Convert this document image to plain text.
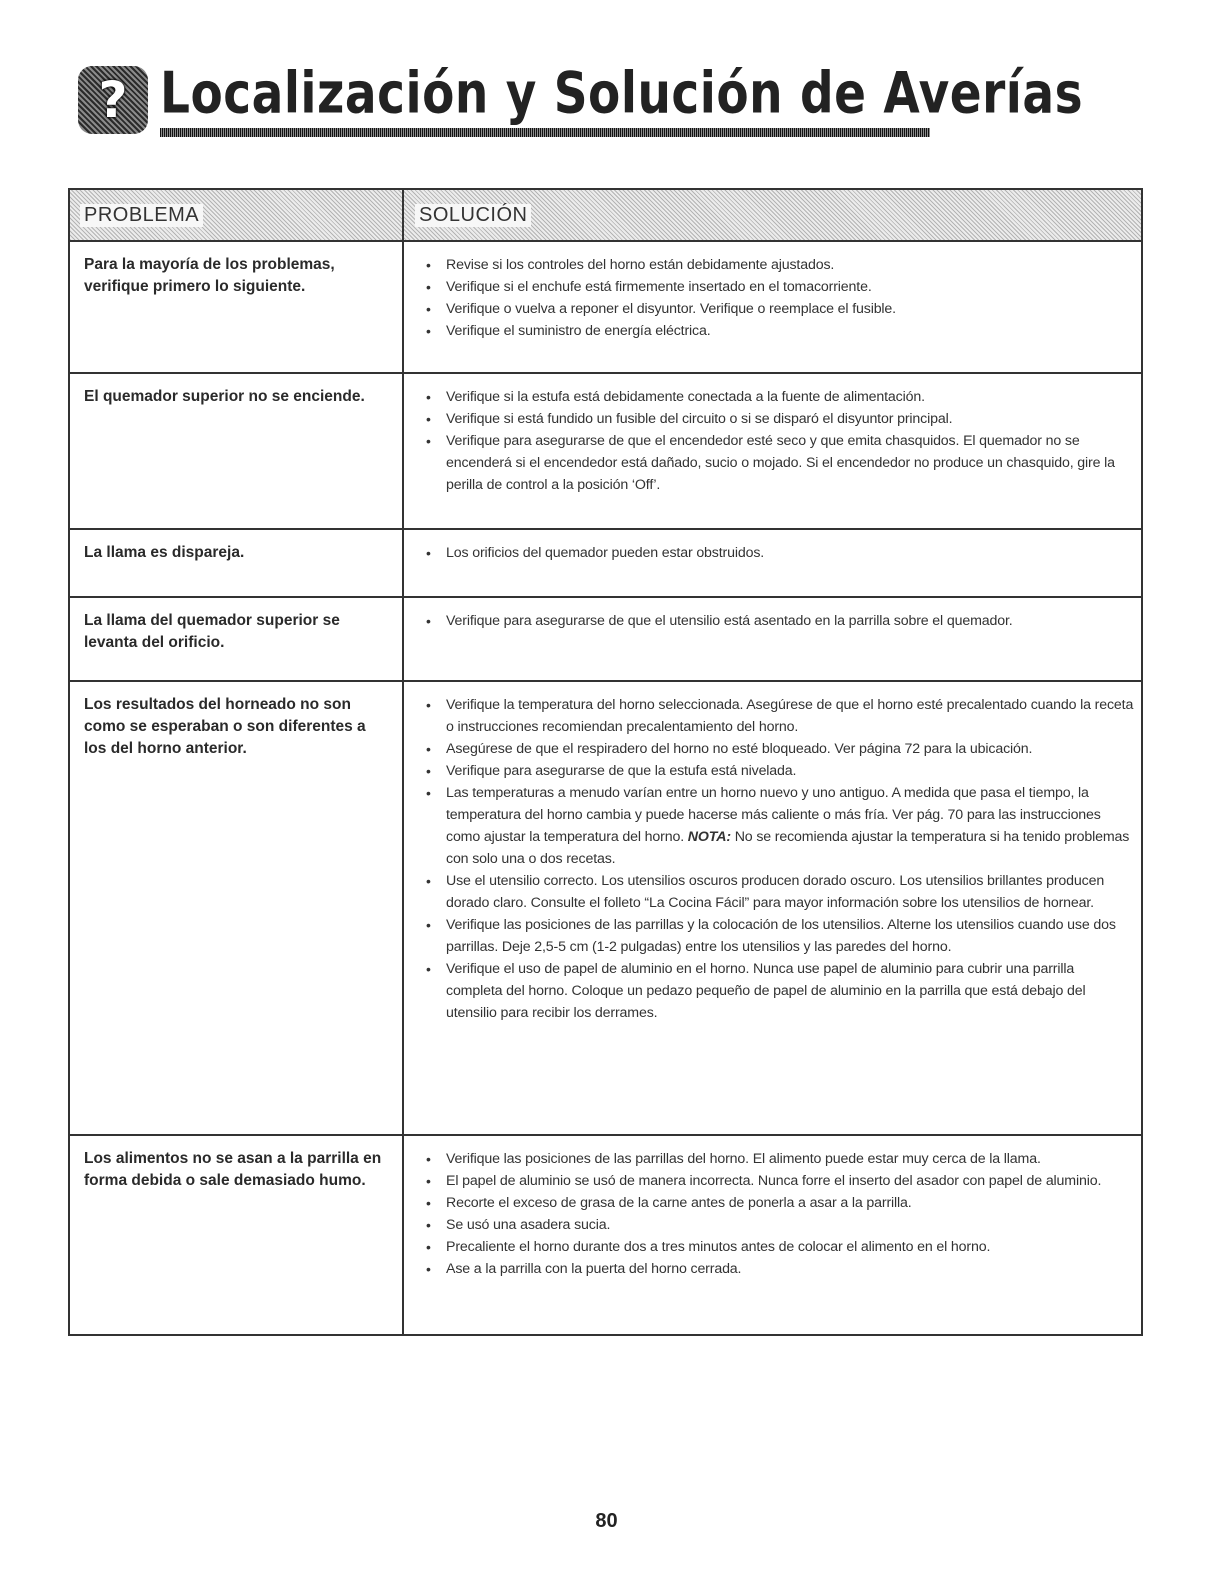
? Localización y Solución de Averías
PROBLEMA	SOLUCIÓN
Para la mayoría de los problemas, verifique primero lo siguiente.
• Revise si los controles del horno están debidamente ajustados.
• Verifique si el enchufe está firmemente insertado en el tomacorriente.
• Verifique o vuelva a reponer el disyuntor. Verifique o reemplace el fusible.
• Verifique el suministro de energía eléctrica.
El quemador superior no se enciende.	• Verifique si la estufa está debidamente conectada a la fuente de alimentación.
• Verifique si está fundido un fusible del circuito o si se disparó el disyuntor principal.
• Verifique para asegurarse de que el encendedor esté seco y que emita chasquidos. El quemador no se encenderá si el encendedor está dañado, sucio o mojado. Si el encendedor no produce un chasquido, gire la perilla de control a la posición ‘Off’.
La llama es dispareja.	• Los orificios del quemador pueden estar obstruidos.
La llama del quemador superior se levanta del orificio.
• Verifique para asegurarse de que el utensilio está asentado en la parrilla sobre el quemador.
Los resultados del horneado no son como se esperaban o son diferentes a los del horno anterior.
• Verifique la temperatura del horno seleccionada. Asegúrese de que el horno esté precalentado cuando la receta o instrucciones recomiendan precalentamiento del horno.
• Asegúrese de que el respiradero del horno no esté bloqueado. Ver página 72 para la ubicación.
• Verifique para asegurarse de que la estufa está nivelada.
• Las temperaturas a menudo varían entre un horno nuevo y uno antiguo. A medida que pasa el tiempo, la temperatura del horno cambia y puede hacerse más caliente o más fría. Ver pág. 70 para las instrucciones como ajustar la temperatura del horno. NOTA: No se recomienda ajustar la temperatura si ha tenido problemas con solo una o dos recetas.
• Use el utensilio correcto. Los utensilios oscuros producen dorado oscuro. Los utensilios brillantes producen dorado claro. Consulte el folleto “La Cocina Fácil” para mayor información sobre los utensilios de hornear.
• Verifique las posiciones de las parrillas y la colocación de los utensilios. Alterne los utensilios cuando use dos parrillas. Deje 2,5-5 cm (1-2 pulgadas) entre los utensilios y las paredes del horno.
• Verifique el uso de papel de aluminio en el horno. Nunca use papel de aluminio para cubrir una parrilla completa del horno. Coloque un pedazo pequeño de papel de aluminio en la parrilla que está debajo del utensilio para recibir los derrames.
Los alimentos no se asan a la parrilla en forma debida o sale demasiado humo.
• Verifique las posiciones de las parrillas del horno. El alimento puede estar muy cerca de la llama.
• El papel de aluminio se usó de manera incorrecta. Nunca forre el inserto del asador con papel de aluminio.
• Recorte el exceso de grasa de la carne antes de ponerla a asar a la parrilla.
• Se usó una asadera sucia.
• Precaliente el horno durante dos a tres minutos antes de colocar el alimento en el horno.
• Ase a la parrilla con la puerta del horno cerrada.
80
